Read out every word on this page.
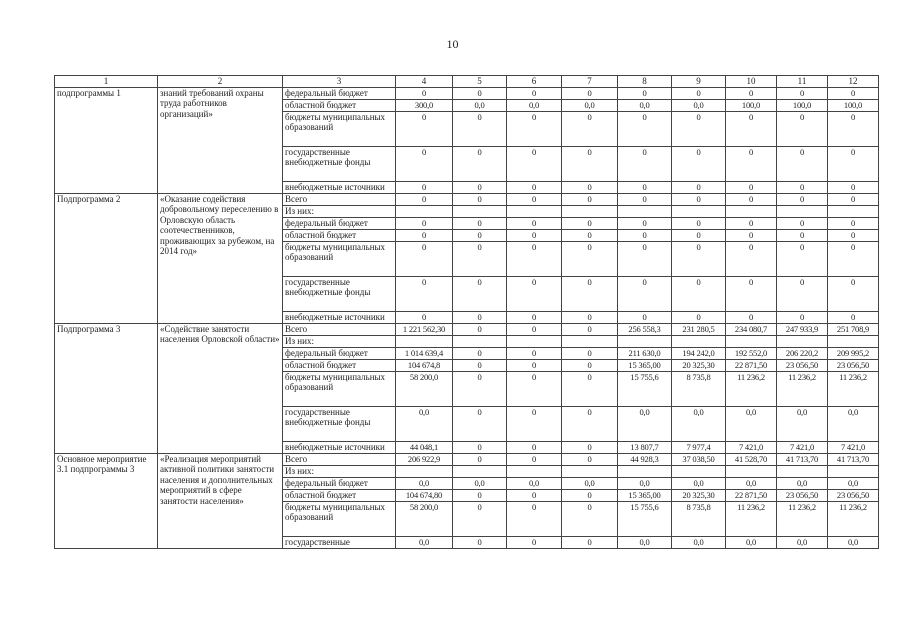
10
1	2	3	4	5	6	7	8	9	10	11	12
подпрограммы 1	знаний требований охраны труда работников организаций»	федеральный бюджет	0	0	0	0	0	0	0	0	0
		областной бюджет	300,0	0,0	0,0	0,0	0,0	0,0	100,0	100,0	100,0
		бюджеты муниципальных образований	0	0	0	0	0	0	0	0	0
		государственные внебюджетные фонды	0	0	0	0	0	0	0	0	0
		внебюджетные источники	0	0	0	0	0	0	0	0	0
Подпрограмма 2	«Оказание содействия добровольному переселению в Орловскую область соотечественников, проживающих за рубежом, на 2014 год»	Всего	0	0	0	0	0	0	0	0	0
		Из них:									
		федеральный бюджет	0	0	0	0	0	0	0	0	0
		областной бюджет	0	0	0	0	0	0	0	0	0
		бюджеты муниципальных образований	0	0	0	0	0	0	0	0	0
		государственные внебюджетные фонды	0	0	0	0	0	0	0	0	0
		внебюджетные источники	0	0	0	0	0	0	0	0	0
Подпрограмма 3	«Содействие занятости населения Орловской области»	Всего	1 221 562,30	0	0	0	256 558,3	231 280,5	234 080,7	247 933,9	251 708,9
		Из них:									
		федеральный бюджет	1 014 639,4	0	0	0	211 630,0	194 242,0	192 552,0	206 220,2	209 995,2
		областной бюджет	104 674,8	0	0	0	15 365,00	20 325,30	22 871,50	23 056,50	23 056,50
		бюджеты муниципальных образований	58 200,0	0	0	0	15 755,6	8 735,8	11 236,2	11 236,2	11 236,2
		государственные внебюджетные фонды	0,0	0	0	0	0,0	0,0	0,0	0,0	0,0
		внебюджетные источники	44 048,1	0	0	0	13 807,7	7 977,4	7 421,0	7 421,0	7 421,0
Основное мероприятие 3.1 подпрограммы 3	«Реализация мероприятий активной политики занятости населения и дополнительных мероприятий в сфере занятости населения»	Всего	206 922,9	0	0	0	44 928,3	37 038,50	41 528,70	41 713,70	41 713,70
		Из них:									
		федеральный бюджет	0,0	0,0	0,0	0,0	0,0	0,0	0,0	0,0	0,0
		областной бюджет	104 674,80	0	0	0	15 365,00	20 325,30	22 871,50	23 056,50	23 056,50
		бюджеты муниципальных образований	58 200,0	0	0	0	15 755,6	8 735,8	11 236,2	11 236,2	11 236,2
		государственные	0,0	0	0	0	0,0	0,0	0,0	0,0	0,0
